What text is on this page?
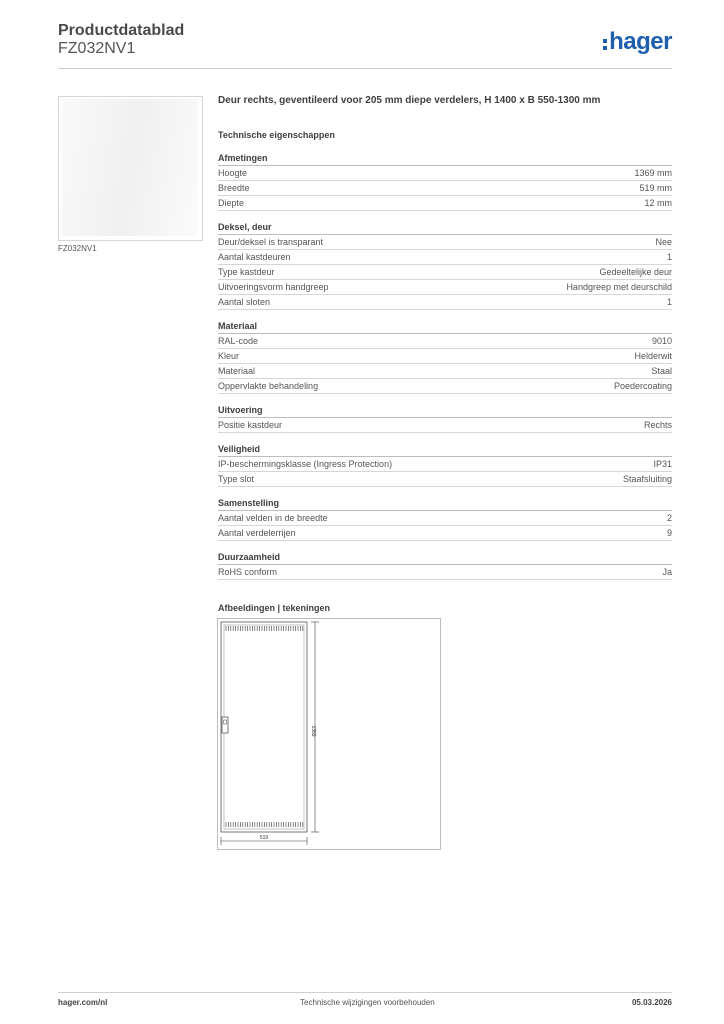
Productdatablad
FZ032NV1	hager
FZ032NV1
Deur rechts, geventileerd voor 205 mm diepe verdelers, H 1400 x B 550-1300 mm
Technische eigenschappen
Afmetingen
Hoogte	1369 mm
Breedte	519 mm
Diepte	12 mm
Deksel, deur
Deur/deksel is transparant	Nee
Aantal kastdeuren	1
Type kastdeur	Gedeeltelijke deur
Uitvoeringsvorm handgreep	Handgreep met deurschild
Aantal sloten	1
Materiaal
RAL-code	9010
Kleur	Helderwit
Materiaal	Staal
Oppervlakte behandeling	Poedercoating
Uitvoering
Positie kastdeur	Rechts
Veiligheid
IP-beschermingsklasse (Ingress Protection)	IP31
Type slot	Staafsluiting
Samenstelling
Aantal velden in de breedte	2
Aantal verdelerrijen	9
Duurzaamheid
RoHS conform	Ja
Afbeeldingen | tekeningen
1369
519
hager.com/nl	Technische wijzigingen voorbehouden	05.03.2026
